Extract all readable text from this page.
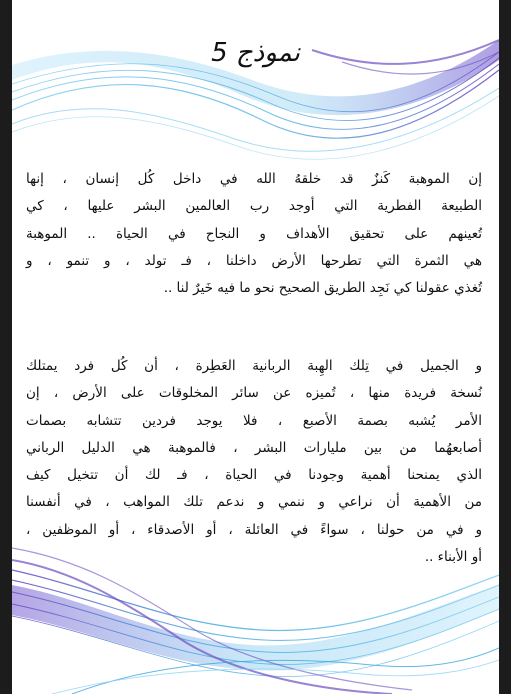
نموذج 5
إن الموهبة كَنزٌ قد خلقهُ الله في داخل كُل إنسان ، إنها
الطبيعة الفطرية التي أوجد رب العالمين البشر عليها ، كي
تُعينهم على تحقيق الأهداف و النجاح في الحياة .. الموهبة
هي الثمرة التي تطرحها الأرض داخلنا ، فـ تولد ، و تنمو ، و
تُغذي عقولنا كي نَجِد الطريق الصحيح نحو ما فيه خَيرٌ لنا ..
و الجميل في تِلك الهِبة الربانية العَطِرة ، أن كُل فرد يمتلك
نُسخة فريدة منها ، تُميزه عن سائر المخلوقات على الأرض ، إن
الأمر يُشبه بصمة الأصبع ، فلا يوجد فردين تتشابه بصمات
أصابعهُما من بين مليارات البشر ، فالموهبة هي الدليل الرباني
الذي يمنحنا أهمية وجودنا في الحياة ، فـ لك أن تتخيل كيف
من الأهمية أن نراعي و ننمي و ندعم تلك المواهب ، في أنفسنا
و في من حولنا ، سواءً في العائلة ، أو الأصدقاء ، أو الموظفين ،
أو الأبناء ..
